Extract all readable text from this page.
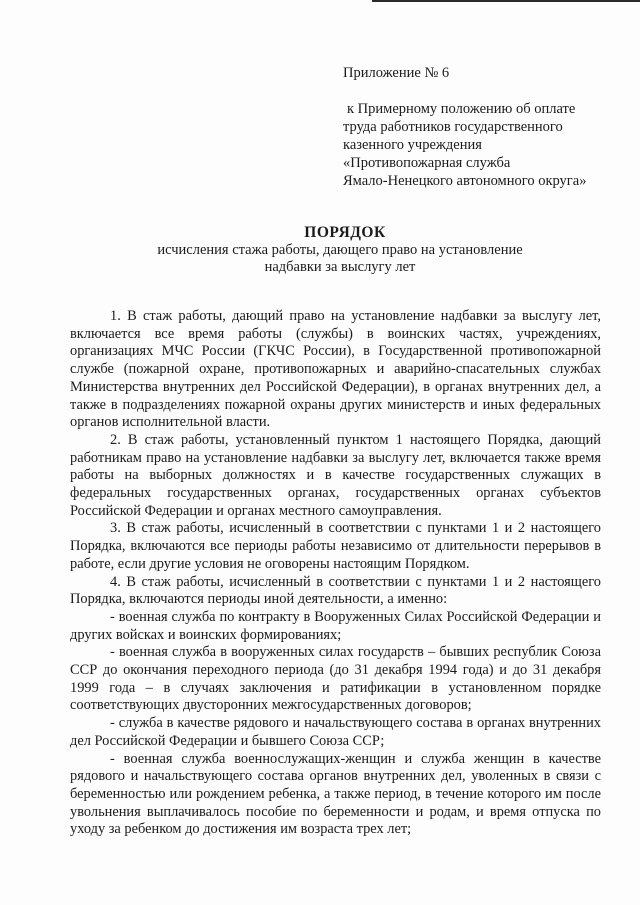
Приложение № 6
к Примерному положению об оплате
труда работников государственного
казенного учреждения
«Противопожарная служба
Ямало-Ненецкого автономного округа»
ПОРЯДОК
исчисления стажа работы, дающего право на установление
надбавки за выслугу лет

1. В стаж работы, дающий право на установление надбавки за выслугу лет, включается все время работы (службы) в воинских частях, учреждениях, организациях МЧС России (ГКЧС России), в Государственной противопожарной службе (пожарной охране, противопожарных и аварийно-спасательных службах Министерства внутренних дел Российской Федерации), в органах внутренних дел, а также в подразделениях пожарной охраны других министерств и иных федеральных органов исполнительной власти.

2. В стаж работы, установленный пунктом 1 настоящего Порядка, дающий работникам право на установление надбавки за выслугу лет, включается также время работы на выборных должностях и в качестве государственных служащих в федеральных государственных органах, государственных органах субъектов Российской Федерации и органах местного самоуправления.

3. В стаж работы, исчисленный в соответствии с пунктами 1 и 2 настоящего Порядка, включаются все периоды работы независимо от длительности перерывов в работе, если другие условия не оговорены настоящим Порядком.

4. В стаж работы, исчисленный в соответствии с пунктами 1 и 2 настоящего Порядка, включаются периоды иной деятельности, а именно:

- военная служба по контракту в Вооруженных Силах Российской Федерации и других войсках и воинских формированиях;

- военная служба в вооруженных силах государств – бывших республик Союза ССР до окончания переходного периода (до 31 декабря 1994 года) и до 31 декабря 1999 года – в случаях заключения и ратификации в установленном порядке соответствующих двусторонних межгосударственных договоров;

- служба в качестве рядового и начальствующего состава в органах внутренних дел Российской Федерации и бывшего Союза ССР;

- военная служба военнослужащих-женщин и служба женщин в качестве рядового и начальствующего состава органов внутренних дел, уволенных в связи с беременностью или рождением ребенка, а также период, в течение которого им после увольнения выплачивалось пособие по беременности и родам, и время отпуска по уходу за ребенком до достижения им возраста трех лет;
